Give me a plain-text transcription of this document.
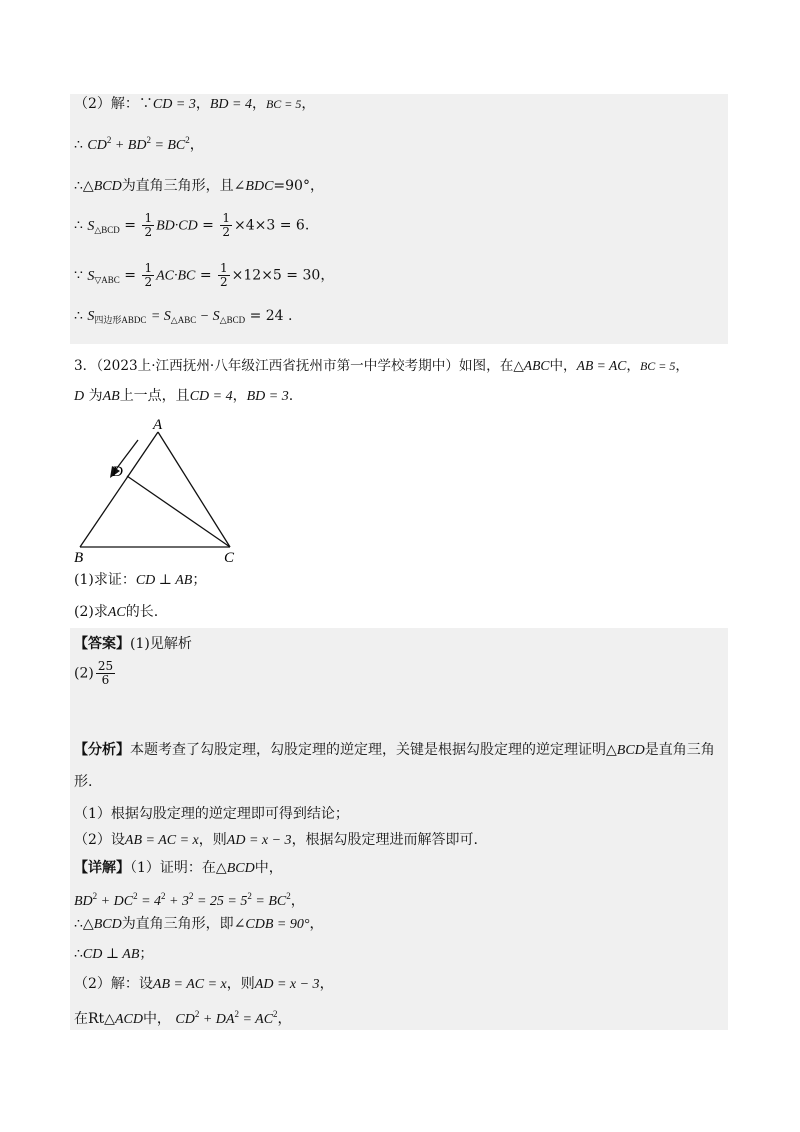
（2）解：∵CD = 3，BD = 4，BC = 5，
∴ $CD^2 + BD^2 = BC^2$，
∴△BCD为直角三角形，且∠BDC=90°，
∴ $S_{\triangle BCD} = \frac{1}{2} BD\cdot CD = \frac{1}{2} \times 4\times 3 = 6$.
∵ $S_{▽ABC} = \frac{1}{2} AC\cdot BC = \frac{1}{2} \times 12\times 5 = 30$，
∴ $S_{四边形ABDC} = S_{\triangle ABC} - S_{\triangle BCD} = 24$ .
3．（2023上·江西抚州·八年级江西省抚州市第一中学校考期中）如图，在△ABC中，AB = AC，BC = 5，
D 为AB上一点，且CD = 4，BD = 3.
A
D
B	C
(1)求证：CD ⊥ AB；
(2)求AC的长.
【答案】(1)见解析
$(2) \frac{25}{6}$
【分析】本题考查了勾股定理，勾股定理的逆定理，关键是根据勾股定理的逆定理证明△BCD是直角三角
形.
（1）根据勾股定理的逆定理即可得到结论；
（2）设AB = AC = x，则AD = x − 3，根据勾股定理进而解答即可.
【详解】（1）证明：在△BCD中，
$BD^2 + DC^2 = 4^2 + 3^2 = 25 = 5^2 = BC^2$，
∴△BCD为直角三角形，即∠CDB = 90°，
∴CD ⊥ AB；
（2）解：设AB = AC = x，则AD = x − 3，
在Rt△ACD中， $CD^2 + DA^2 = AC^2$，
